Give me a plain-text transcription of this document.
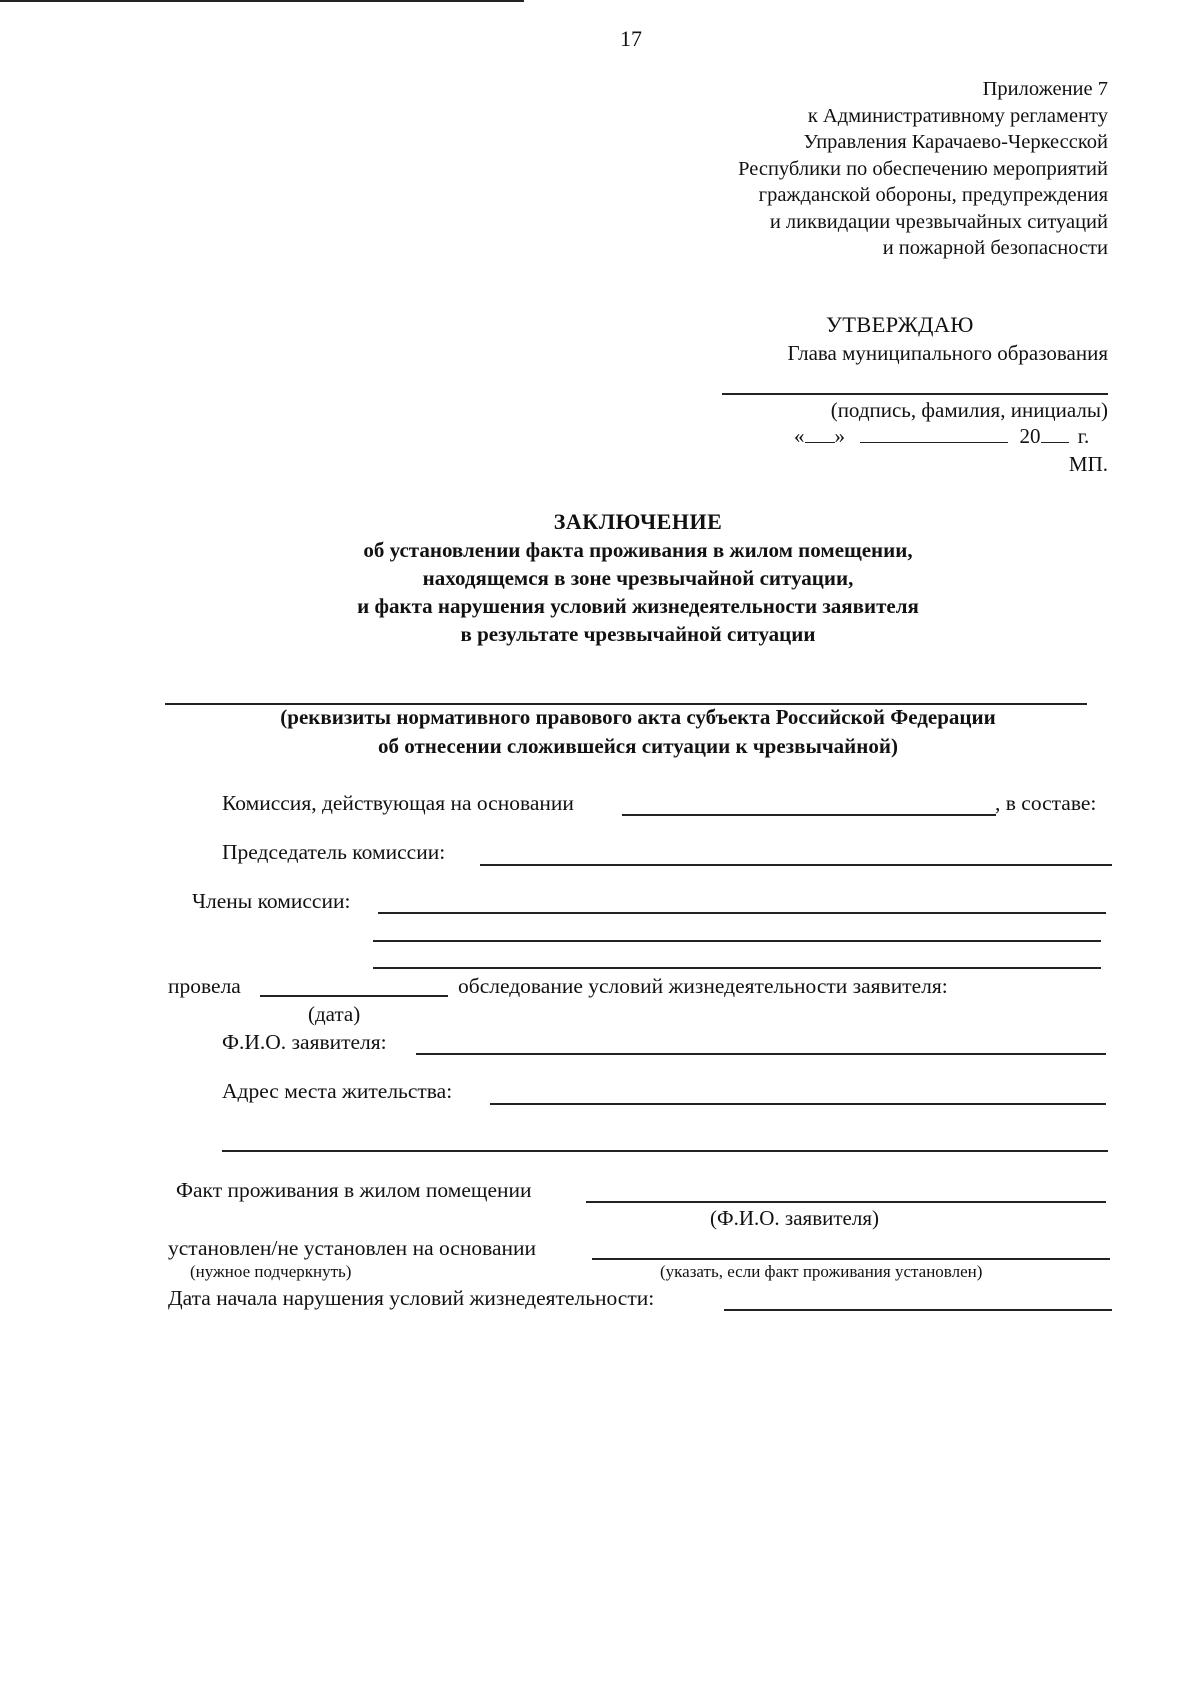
17
Приложение 7
к Административному регламенту
Управления Карачаево-Черкесской
Республики по обеспечению мероприятий
гражданской обороны, предупреждения
и ликвидации чрезвычайных ситуаций
и пожарной безопасности
УТВЕРЖДАЮ
Глава муниципального образования
(подпись, фамилия, инициалы)
« »	20 г.
МП.
ЗАКЛЮЧЕНИЕ
об установлении факта проживания в жилом помещении,
находящемся в зоне чрезвычайной ситуации,
и факта нарушения условий жизнедеятельности заявителя
в результате чрезвычайной ситуации
(реквизиты нормативного правового акта субъекта Российской Федерации
об отнесении сложившейся ситуации к чрезвычайной)
Комиссия, действующая на основании	, в составе:
Председатель комиссии:
Члены комиссии:
провела	обследование условий жизнедеятельности заявителя:
(дата)
Ф.И.О. заявителя:
Адрес места жительства:
Факт проживания в жилом помещении
(Ф.И.О. заявителя)
установлен/не установлен на основании
(нужное подчеркнуть)	(указать, если факт проживания установлен)
Дата начала нарушения условий жизнедеятельности:
